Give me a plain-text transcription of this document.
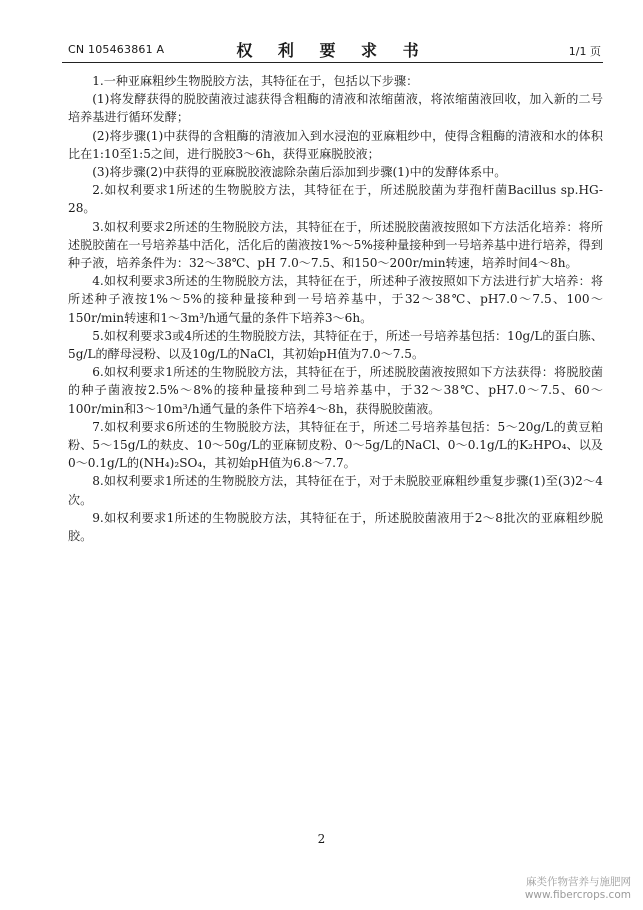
CN 105463861 A	权 利 要 求 书	1/1 页

1.一种亚麻粗纱生物脱胶方法，其特征在于，包括以下步骤：

(1)将发酵获得的脱胶菌液过滤获得含粗酶的清液和浓缩菌液，将浓缩菌液回收，加入新的二号培养基进行循环发酵；

(2)将步骤(1)中获得的含粗酶的清液加入到水浸泡的亚麻粗纱中，使得含粗酶的清液和水的体积比在1:10至1:5之间，进行脱胶3～6h，获得亚麻脱胶液；

(3)将步骤(2)中获得的亚麻脱胶液滤除杂菌后添加到步骤(1)中的发酵体系中。

2.如权利要求1所述的生物脱胶方法，其特征在于，所述脱胶菌为芽孢杆菌Bacillus sp.HG-28。

3.如权利要求2所述的生物脱胶方法，其特征在于，所述脱胶菌液按照如下方法活化培养：将所述脱胶菌在一号培养基中活化，活化后的菌液按1%～5%接种量接种到一号培养基中进行培养，得到种子液，培养条件为：32～38℃、pH 7.0～7.5、和150～200r/min转速，培养时间4～8h。

4.如权利要求3所述的生物脱胶方法，其特征在于，所述种子液按照如下方法进行扩大培养：将所述种子液按1%～5%的接种量接种到一号培养基中，于32～38℃、pH7.0～7.5、100～150r/min转速和1～3m³/h通气量的条件下培养3～6h。

5.如权利要求3或4所述的生物脱胶方法，其特征在于，所述一号培养基包括：10g/L的蛋白胨、5g/L的酵母浸粉、以及10g/L的NaCl，其初始pH值为7.0～7.5。

6.如权利要求1所述的生物脱胶方法，其特征在于，所述脱胶菌液按照如下方法获得：将脱胶菌的种子菌液按2.5%～8%的接种量接种到二号培养基中，于32～38℃、pH7.0～7.5、60～100r/min和3～10m³/h通气量的条件下培养4～8h，获得脱胶菌液。

7.如权利要求6所述的生物脱胶方法，其特征在于，所述二号培养基包括：5～20g/L的黄豆粕粉、5～15g/L的麸皮、10～50g/L的亚麻韧皮粉、0～5g/L的NaCl、0～0.1g/L的K₂HPO₄、以及0～0.1g/L的(NH₄)₂SO₄，其初始pH值为6.8～7.7。

8.如权利要求1所述的生物脱胶方法，其特征在于，对于未脱胶亚麻粗纱重复步骤(1)至(3)2～4次。

9.如权利要求1所述的生物脱胶方法，其特征在于，所述脱胶菌液用于2～8批次的亚麻粗纱脱胶。

2
麻类作物营养与施肥网
www.fibercrops.com
